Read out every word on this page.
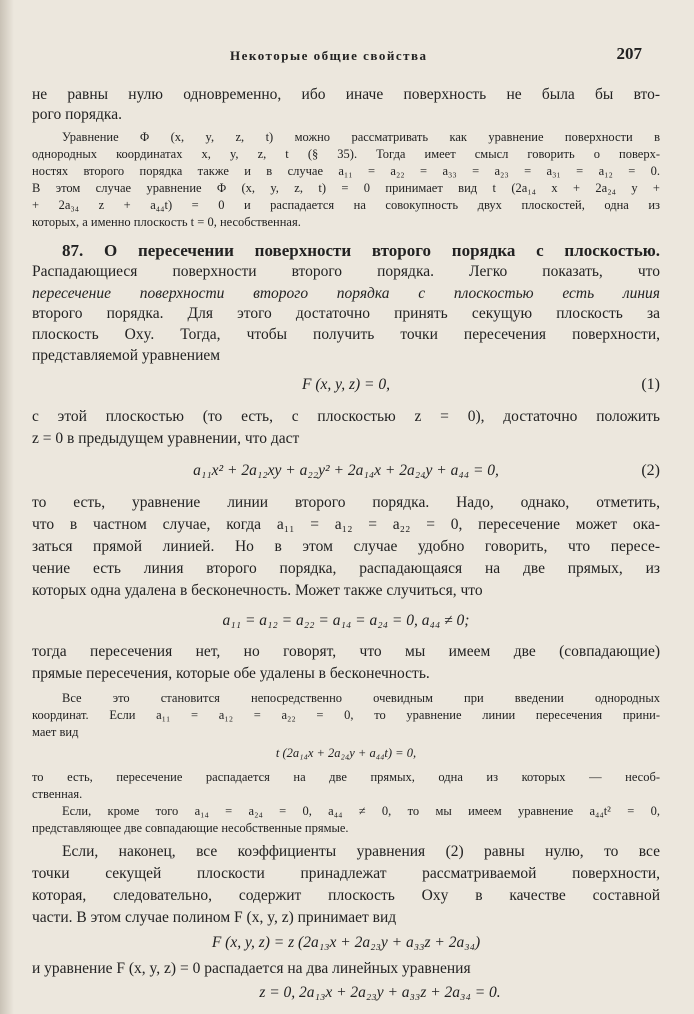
Некоторые общие свойства	207
не равны нулю одновременно, ибо иначе поверхность не была бы вто-
рого порядка.
Уравнение Φ (x, y, z, t) можно рассматривать как уравнение поверхности в
однородных координатах x, y, z, t (§ 35). Тогда имеет смысл говорить о поверх-
ностях второго порядка также и в случае a₁₁ = a₂₂ = a₃₃ = a₂₃ = a₃₁ = a₁₂ = 0.
В этом случае уравнение Φ (x, y, z, t) = 0 принимает вид t (2a₁₄ x + 2a₂₄ y +
+ 2a₃₄ z + a₄₄t) = 0 и распадается на совокупность двух плоскостей, одна из
которых, а именно плоскость t = 0, несобственная.
87. О пересечении поверхности второго порядка с плоскостью.
Распадающиеся поверхности второго порядка. Легко показать, что
пересечение поверхности второго порядка с плоскостью есть линия
второго порядка. Для этого достаточно принять секущую плоскость за
плоскость Oxy. Тогда, чтобы получить точки пересечения поверхности,
представляемой уравнением
F (x, y, z) = 0,	(1)
с этой плоскостью (то есть, с плоскостью z = 0), достаточно положить
z = 0 в предыдущем уравнении, что даст
a₁₁x² + 2a₁₂xy + a₂₂y² + 2a₁₄x + 2a₂₄y + a₄₄ = 0,	(2)
то есть, уравнение линии второго порядка. Надо, однако, отметить,
что в частном случае, когда a₁₁ = a₁₂ = a₂₂ = 0, пересечение может ока-
заться прямой линией. Но в этом случае удобно говорить, что пересе-
чение есть линия второго порядка, распадающаяся на две прямых, из
которых одна удалена в бесконечность. Может также случиться, что
a₁₁ = a₁₂ = a₂₂ = a₁₄ = a₂₄ = 0, a₄₄ ≠ 0;
тогда пересечения нет, но говорят, что мы имеем две (совпадающие)
прямые пересечения, которые обе удалены в бесконечность.
Все это становится непосредственно очевидным при введении однородных
координат. Если a₁₁ = a₁₂ = a₂₂ = 0, то уравнение линии пересечения прини-
мает вид
t (2a₁₄x + 2a₂₄y + a₄₄t) = 0,
то есть, пересечение распадается на две прямых, одна из которых — несоб-
ственная.
Если, кроме того a₁₄ = a₂₄ = 0, a₄₄ ≠ 0, то мы имеем уравнение a₄₄t² = 0,
представляющее две совпадающие несобственные прямые.
Если, наконец, все коэффициенты уравнения (2) равны нулю, то все
точки секущей плоскости принадлежат рассматриваемой поверхности,
которая, следовательно, содержит плоскость Oxy в качестве составной
части. В этом случае полином F (x, y, z) принимает вид
F (x, y, z) = z (2a₁₃x + 2a₂₃y + a₃₃z + 2a₃₄)
и уравнение F (x, y, z) = 0 распадается на два линейных уравнения
z = 0, 2a₁₃x + 2a₂₃y + a₃₃z + 2a₃₄ = 0.
